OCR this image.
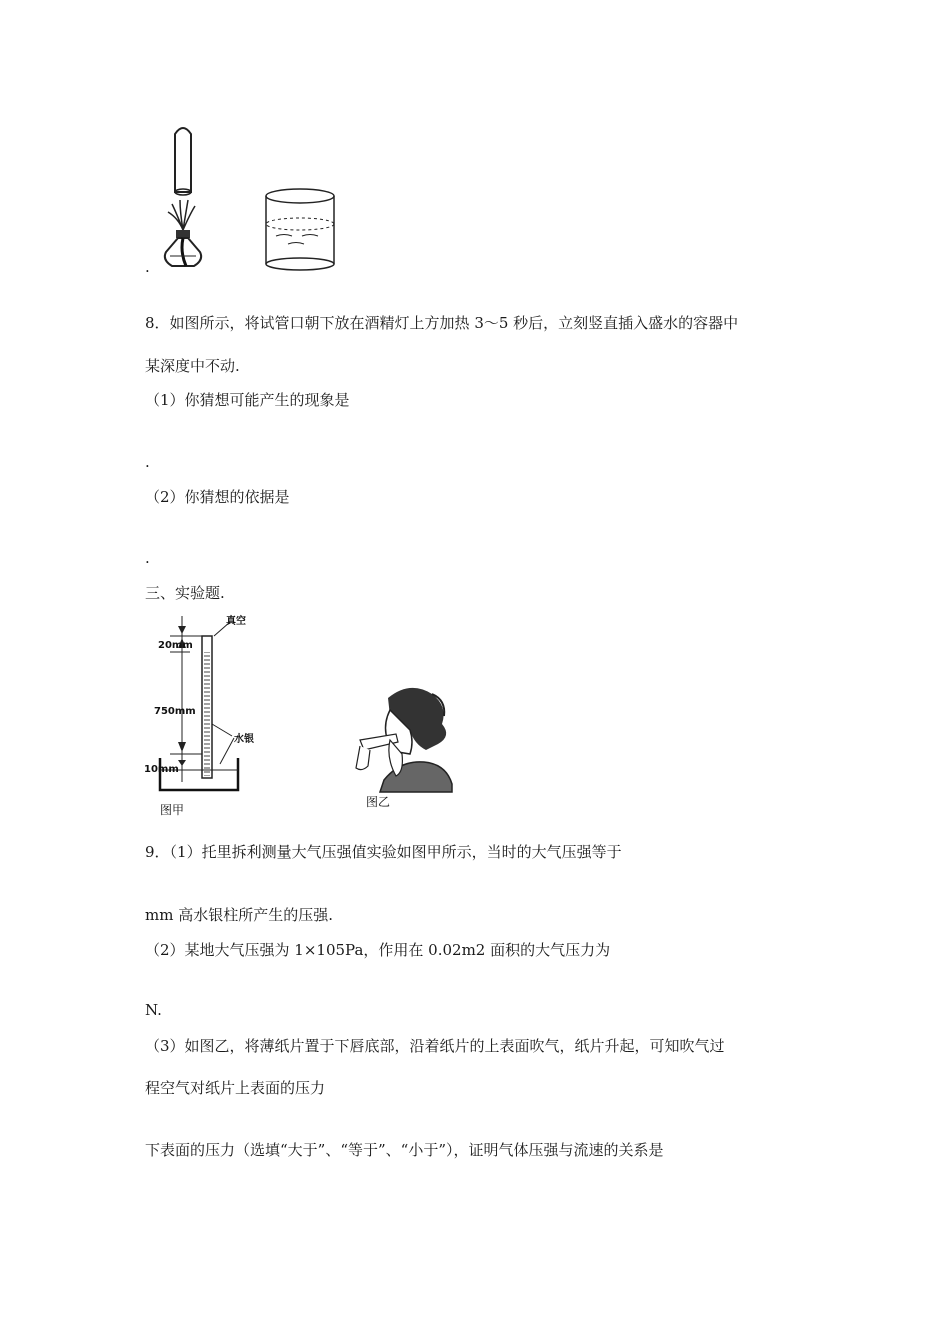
.
8．如图所示，将试管口朝下放在酒精灯上方加热 3～5 秒后，立刻竖直插入盛水的容器中
某深度中不动.
（1）你猜想可能产生的现象是
.
（2）你猜想的依据是
.
三、实验题.
真空
20mm
750mm
水银
10mm
图甲
图乙
9．（1）托里拆利测量大气压强值实验如图甲所示，当时的大气压强等于
mm 高水银柱所产生的压强.
（2）某地大气压强为 1×105Pa，作用在 0.02m2 面积的大气压力为
N.
（3）如图乙，将薄纸片置于下唇底部，沿着纸片的上表面吹气，纸片升起，可知吹气过
程空气对纸片上表面的压力
下表面的压力（选填“大于”、“等于”、“小于”），证明气体压强与流速的关系是
